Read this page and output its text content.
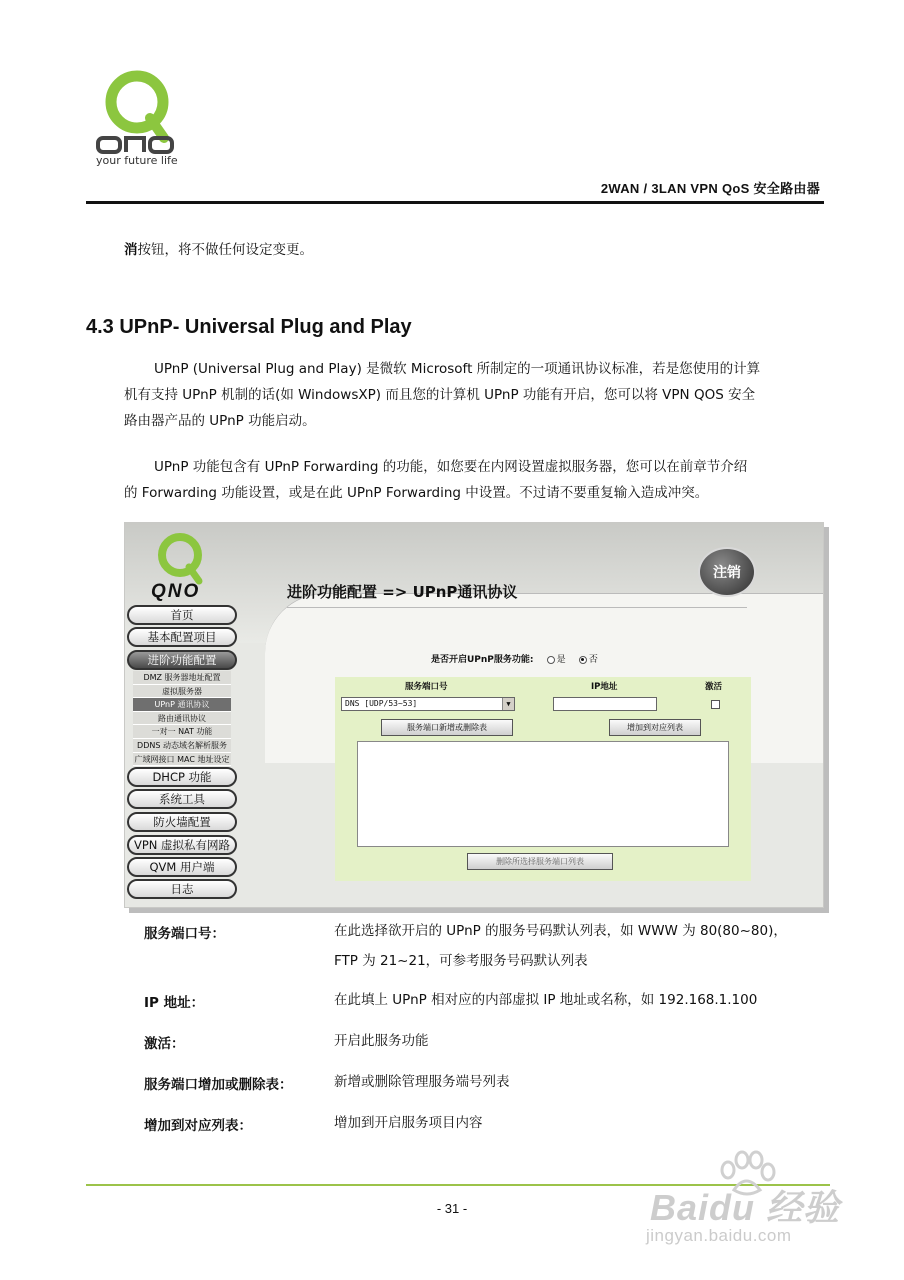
your future life
2WAN / 3LAN VPN QoS 安全路由器
消按钮，将不做任何设定变更。
4.3 UPnP- Universal Plug and Play
UPnP (Universal Plug and Play) 是微软 Microsoft 所制定的一项通讯协议标准，若是您使用的计算
机有支持 UPnP 机制的话(如 WindowsXP) 而且您的计算机 UPnP 功能有开启，您可以将 VPN QOS 安全
路由器产品的 UPnP 功能启动。
UPnP 功能包含有 UPnP Forwarding 的功能，如您要在内网设置虚拟服务器，您可以在前章节介绍
的 Forwarding 功能设置，或是在此 UPnP Forwarding 中设置。不过请不要重复输入造成冲突。
QNO
注销
进阶功能配置 => UPnP通讯协议
首页
基本配置项目
进阶功能配置
DMZ 服务器地址配置
虚拟服务器
UPnP 通讯协议
路由通讯协议
一对一 NAT 功能
DDNS 动态域名解析服务
广域网接口 MAC 地址设定
DHCP 功能
系统工具
防火墙配置
VPN 虚拟私有网路
QVM 用户端
日志
是否开启UPnP服务功能:	是	否
服务端口号	IP地址	激活
DNS [UDP/53~53]	▼
服务端口新增或删除表	增加到对应列表
删除所选择服务端口列表
服务端口号：	在此选择欲开启的 UPnP 的服务号码默认列表，如 WWW 为 80(80~80)，
FTP 为 21~21，可参考服务号码默认列表
IP 地址：	在此填上 UPnP 相对应的内部虚拟 IP 地址或名称，如 192.168.1.100
激活：	开启此服务功能
服务端口增加或删除表：	新增或删除管理服务端号列表
增加到对应列表：	增加到开启服务项目内容
- 31 -	Baidu 经验
jingyan.baidu.com
